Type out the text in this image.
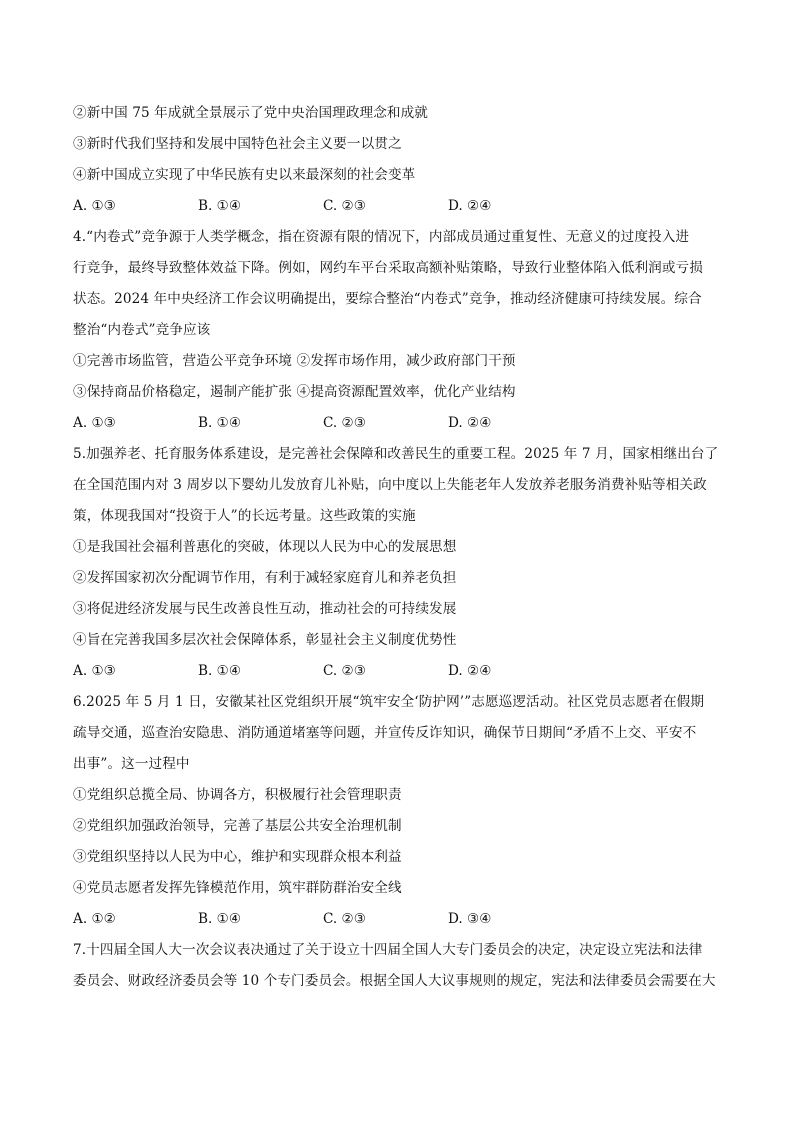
②新中国 75 年成就全景展示了党中央治国理政理念和成就
③新时代我们坚持和发展中国特色社会主义要一以贯之
④新中国成立实现了中华民族有史以来最深刻的社会变革
A. ①③	B. ①④	C. ②③	D. ②④
4.“内卷式”竞争源于人类学概念，指在资源有限的情况下，内部成员通过重复性、无意义的过度投入进
行竞争，最终导致整体效益下降。例如，网约车平台采取高额补贴策略，导致行业整体陷入低利润或亏损
状态。2024 年中央经济工作会议明确提出，要综合整治“内卷式”竞争，推动经济健康可持续发展。综合
整治“内卷式”竞争应该
①完善市场监管，营造公平竞争环境 ②发挥市场作用，减少政府部门干预
③保持商品价格稳定，遏制产能扩张 ④提高资源配置效率，优化产业结构
A. ①③	B. ①④	C. ②③	D. ②④
5.加强养老、托育服务体系建设，是完善社会保障和改善民生的重要工程。2025 年 7 月，国家相继出台了
在全国范围内对 3 周岁以下婴幼儿发放育儿补贴，向中度以上失能老年人发放养老服务消费补贴等相关政
策，体现我国对“投资于人”的长远考量。这些政策的实施
①是我国社会福利普惠化的突破，体现以人民为中心的发展思想
②发挥国家初次分配调节作用，有利于减轻家庭育儿和养老负担
③将促进经济发展与民生改善良性互动，推动社会的可持续发展
④旨在完善我国多层次社会保障体系，彰显社会主义制度优势性
A. ①③	B. ①④	C. ②③	D. ②④
6.2025 年 5 月 1 日，安徽某社区党组织开展“筑牢安全‘防护网’”志愿巡逻活动。社区党员志愿者在假期
疏导交通，巡查治安隐患、消防通道堵塞等问题，并宣传反诈知识，确保节日期间“矛盾不上交、平安不
出事”。这一过程中
①党组织总揽全局、协调各方，积极履行社会管理职责
②党组织加强政治领导，完善了基层公共安全治理机制
③党组织坚持以人民为中心，维护和实现群众根本利益
④党员志愿者发挥先锋模范作用，筑牢群防群治安全线
A. ①②	B. ①④	C. ②③	D. ③④
7.十四届全国人大一次会议表决通过了关于设立十四届全国人大专门委员会的决定，决定设立宪法和法律
委员会、财政经济委员会等 10 个专门委员会。根据全国人大议事规则的规定，宪法和法律委员会需要在大
